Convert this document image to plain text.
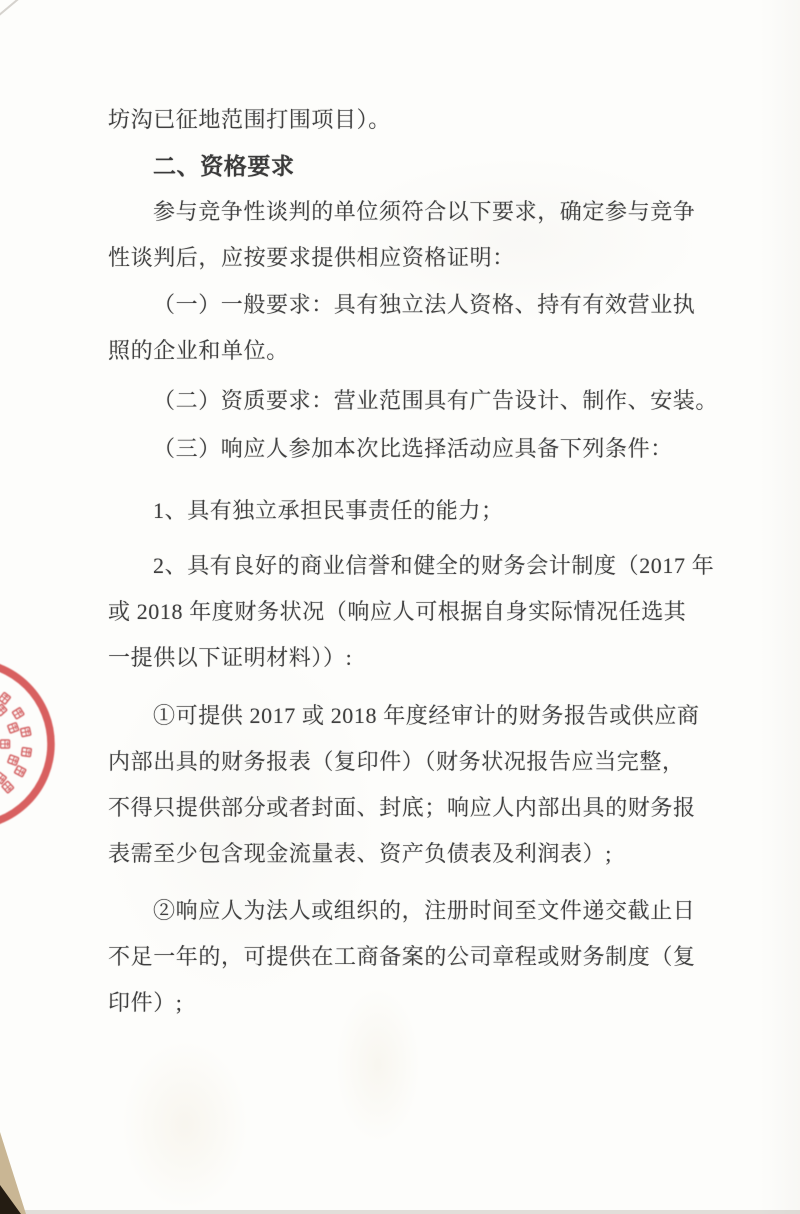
坊沟已征地范围打围项目）。
二、资格要求
参与竞争性谈判的单位须符合以下要求，确定参与竞争
性谈判后，应按要求提供相应资格证明：
（一）一般要求：具有独立法人资格、持有有效营业执
照的企业和单位。
（二）资质要求：营业范围具有广告设计、制作、安装。
（三）响应人参加本次比选择活动应具备下列条件：
1、具有独立承担民事责任的能力；
2、具有良好的商业信誉和健全的财务会计制度（2017 年
或 2018 年度财务状况（响应人可根据自身实际情况任选其
一提供以下证明材料））:
①可提供 2017 或 2018 年度经审计的财务报告或供应商
内部出具的财务报表（复印件）（财务状况报告应当完整，
不得只提供部分或者封面、封底；响应人内部出具的财务报
表需至少包含现金流量表、资产负债表及利润表）;
②响应人为法人或组织的，注册时间至文件递交截止日
不足一年的，可提供在工商备案的公司章程或财务制度（复
印件）;
